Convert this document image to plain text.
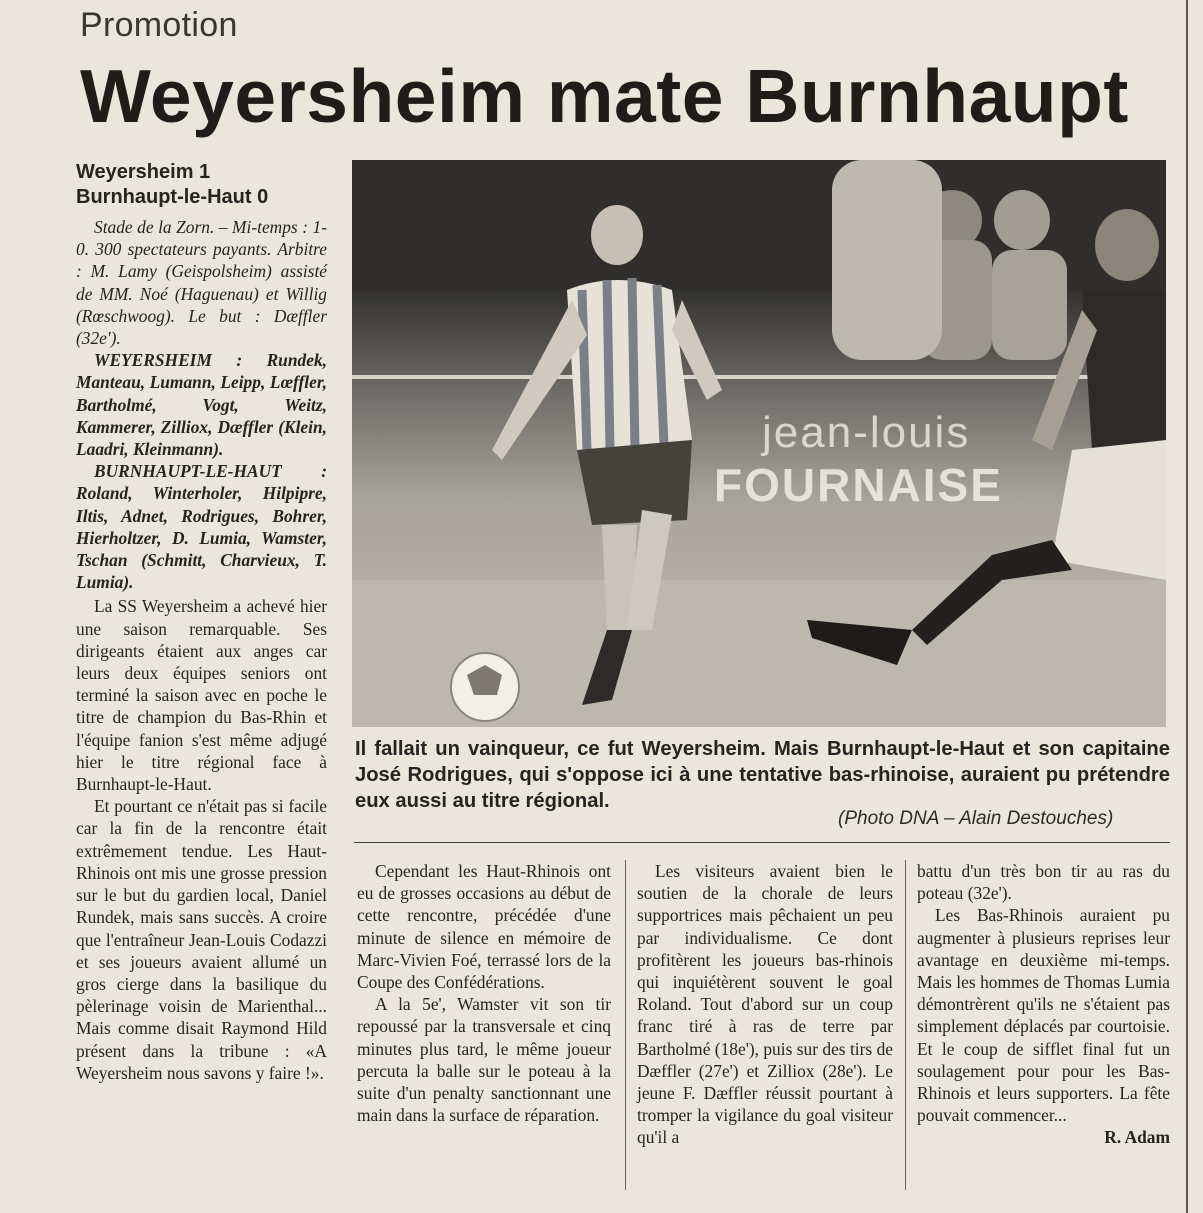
Promotion
Weyersheim mate Burnhaupt
Weyersheim 1
Burnhaupt-le-Haut 0

Stade de la Zorn. – Mi-temps : 1-0. 300 spectateurs payants. Arbitre : M. Lamy (Geispolsheim) assisté de MM. Noé (Haguenau) et Willig (Rœschwoog). Le but : Dæffler (32e').

WEYERSHEIM : Rundek, Manteau, Lumann, Leipp, Lœffler, Bartholmé, Vogt, Weitz, Kammerer, Zilliox, Dæffler (Klein, Laadri, Kleinmann).

BURNHAUPT-LE-HAUT : Roland, Winterholer, Hilpipre, Iltis, Adnet, Rodrigues, Bohrer, Hierholtzer, D. Lumia, Wamster, Tschan (Schmitt, Charvieux, T. Lumia).

La SS Weyersheim a achevé hier une saison remarquable. Ses dirigeants étaient aux anges car leurs deux équipes seniors ont terminé la saison avec en poche le titre de champion du Bas-Rhin et l'équipe fanion s'est même adjugé hier le titre régional face à Burnhaupt-le-Haut.

Et pourtant ce n'était pas si facile car la fin de la rencontre était extrêmement tendue. Les Haut-Rhinois ont mis une grosse pression sur le but du gardien local, Daniel Rundek, mais sans succès. A croire que l'entraîneur Jean-Louis Codazzi et ses joueurs avaient allumé un gros cierge dans la basilique du pèlerinage voisin de Marienthal... Mais comme disait Raymond Hild présent dans la tribune : «A Weyersheim nous savons y faire !».

jean-louis
FOURNAISE
Il fallait un vainqueur, ce fut Weyersheim. Mais Burnhaupt-le-Haut et son capitaine José Rodrigues, qui s'oppose ici à une tentative bas-rhinoise, auraient pu prétendre eux aussi au titre régional.
(Photo DNA – Alain Destouches)

Cependant les Haut-Rhinois ont eu de grosses occasions au début de cette rencontre, précédée d'une minute de silence en mémoire de Marc-Vivien Foé, terrassé lors de la Coupe des Confédérations.

A la 5e', Wamster vit son tir repoussé par la transversale et cinq minutes plus tard, le même joueur percuta la balle sur le poteau à la suite d'un penalty sanctionnant une main dans la surface de réparation.

Les visiteurs avaient bien le soutien de la chorale de leurs supportrices mais pêchaient un peu par individualisme. Ce dont profitèrent les joueurs bas-rhinois qui inquiétèrent souvent le goal Roland. Tout d'abord sur un coup franc tiré à ras de terre par Bartholmé (18e'), puis sur des tirs de Dæffler (27e') et Zilliox (28e'). Le jeune F. Dæffler réussit pourtant à tromper la vigilance du goal visiteur qu'il a

battu d'un très bon tir au ras du poteau (32e').

Les Bas-Rhinois auraient pu augmenter à plusieurs reprises leur avantage en deuxième mi-temps. Mais les hommes de Thomas Lumia démontrèrent qu'ils ne s'étaient pas simplement déplacés par courtoisie. Et le coup de sifflet final fut un soulagement pour pour les Bas-Rhinois et leurs supporters. La fête pouvait commencer...

R. Adam
